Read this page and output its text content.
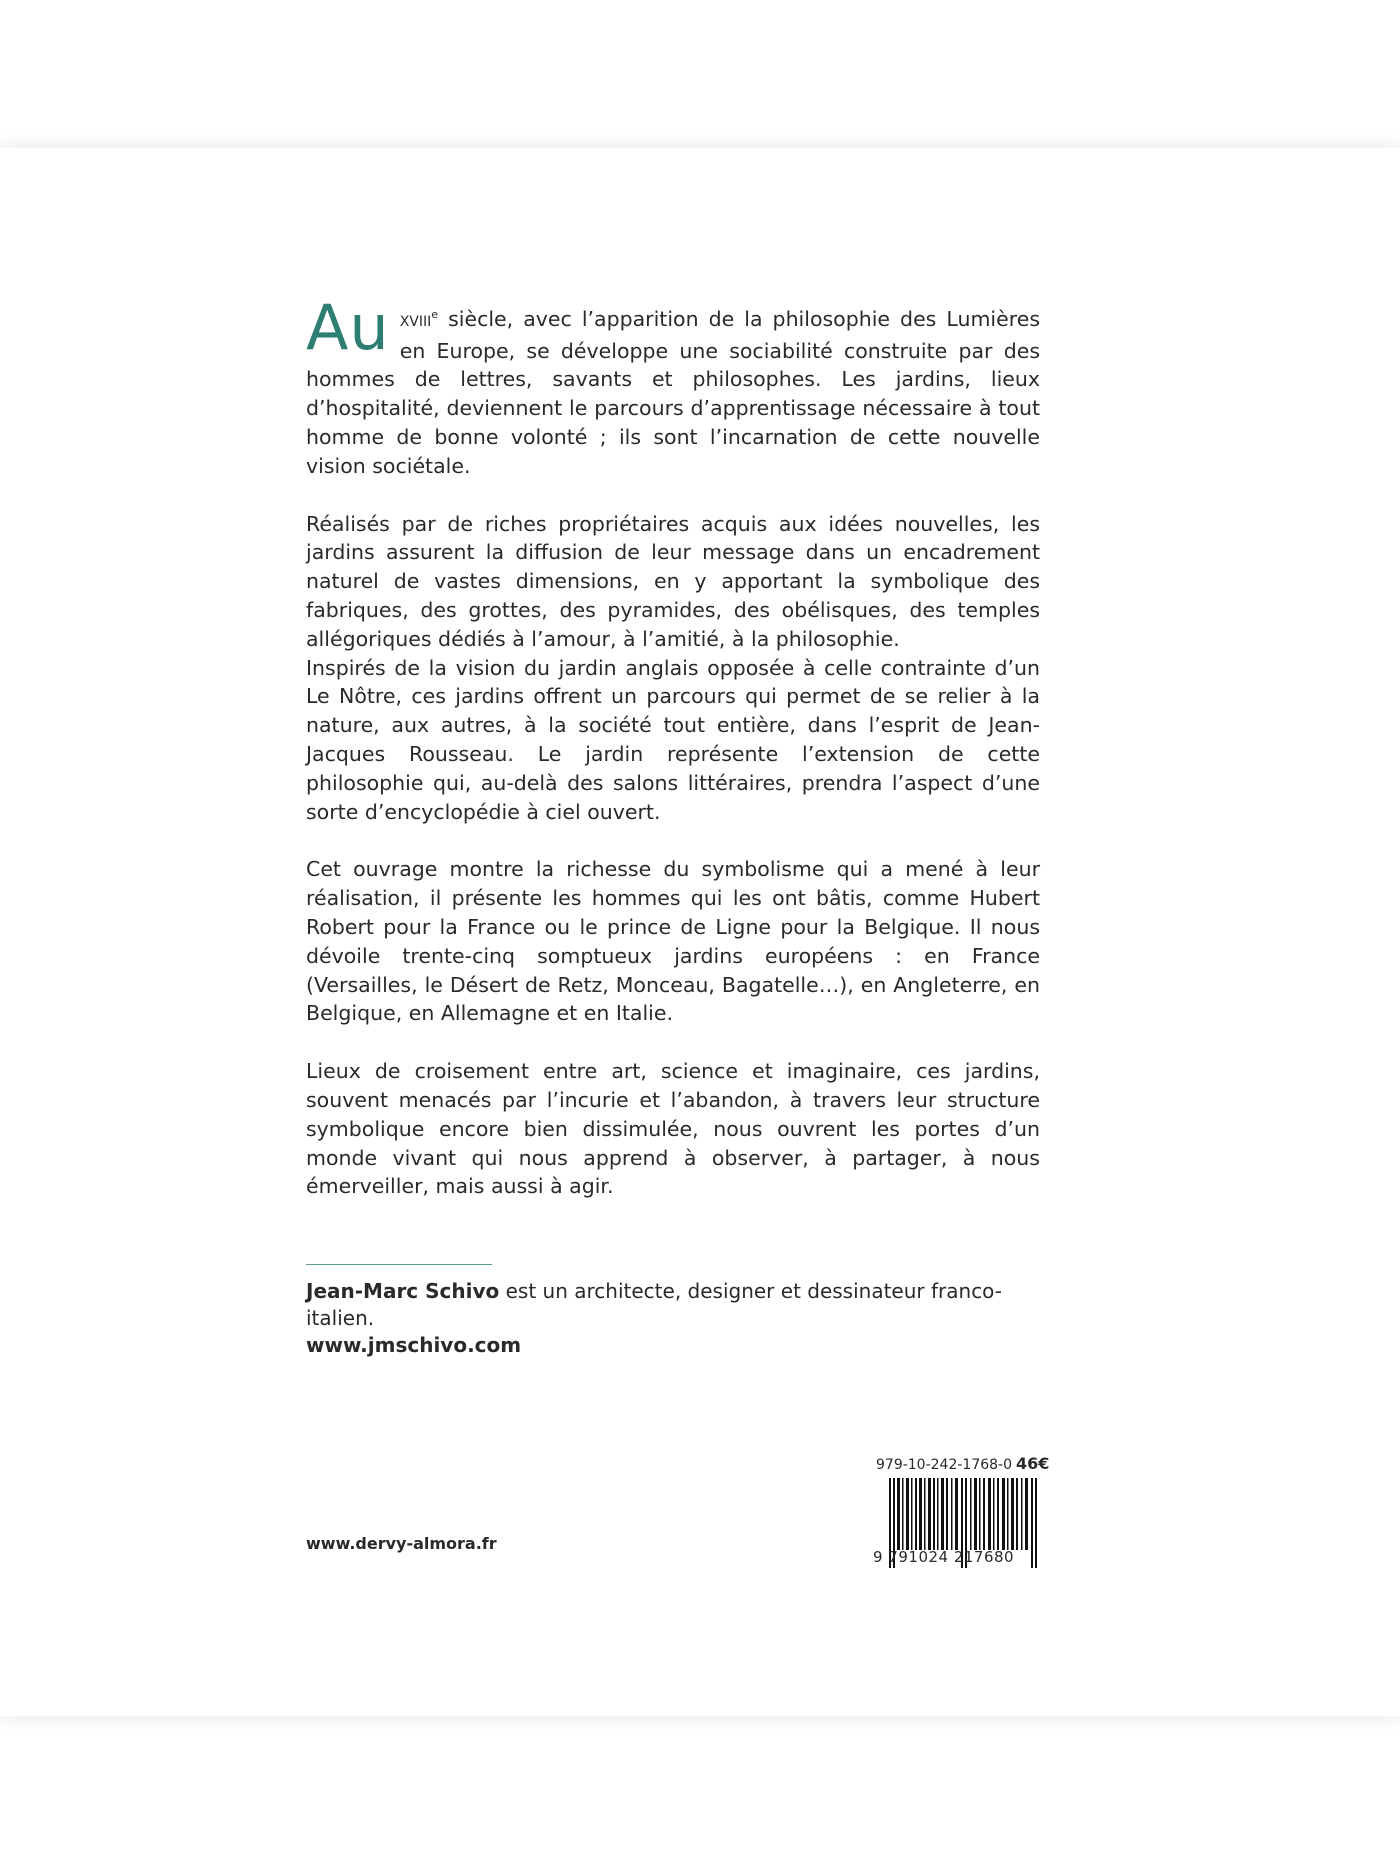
Au XVIIIe siècle, avec l’apparition de la philosophie des Lumières en Europe, se développe une sociabilité construite par des hommes de lettres, savants et philosophes. Les jardins, lieux d’hospitalité, deviennent le parcours d’apprentissage nécessaire à tout homme de bonne volonté ; ils sont l’incarnation de cette nouvelle vision sociétale.

Réalisés par de riches propriétaires acquis aux idées nouvelles, les jardins assurent la diffusion de leur message dans un encadrement naturel de vastes dimensions, en y apportant la symbolique des fabriques, des grottes, des pyramides, des obélisques, des temples allégoriques dédiés à l’amour, à l’amitié, à la philosophie.

Inspirés de la vision du jardin anglais opposée à celle contrainte d’un Le Nôtre, ces jardins offrent un parcours qui permet de se relier à la nature, aux autres, à la société tout entière, dans l’esprit de Jean-Jacques Rousseau. Le jardin représente l’extension de cette philosophie qui, au-delà des salons littéraires, prendra l’aspect d’une sorte d’encyclopédie à ciel ouvert.

Cet ouvrage montre la richesse du symbolisme qui a mené à leur réalisation, il présente les hommes qui les ont bâtis, comme Hubert Robert pour la France ou le prince de Ligne pour la Belgique. Il nous dévoile trente-cinq somptueux jardins européens : en France (Versailles, le Désert de Retz, Monceau, Bagatelle…), en Angleterre, en Belgique, en Allemagne et en Italie.

Lieux de croisement entre art, science et imaginaire, ces jardins, souvent menacés par l’incurie et l’abandon, à travers leur structure symbolique encore bien dissimulée, nous ouvrent les portes d’un monde vivant qui nous apprend à observer, à partager, à nous émerveiller, mais aussi à agir.

Jean-Marc Schivo est un architecte, designer et dessinateur franco-italien.
www.jmschivo.com
www.dervy-almora.fr
979-10-242-1768-0 46€
9 791024 217680
